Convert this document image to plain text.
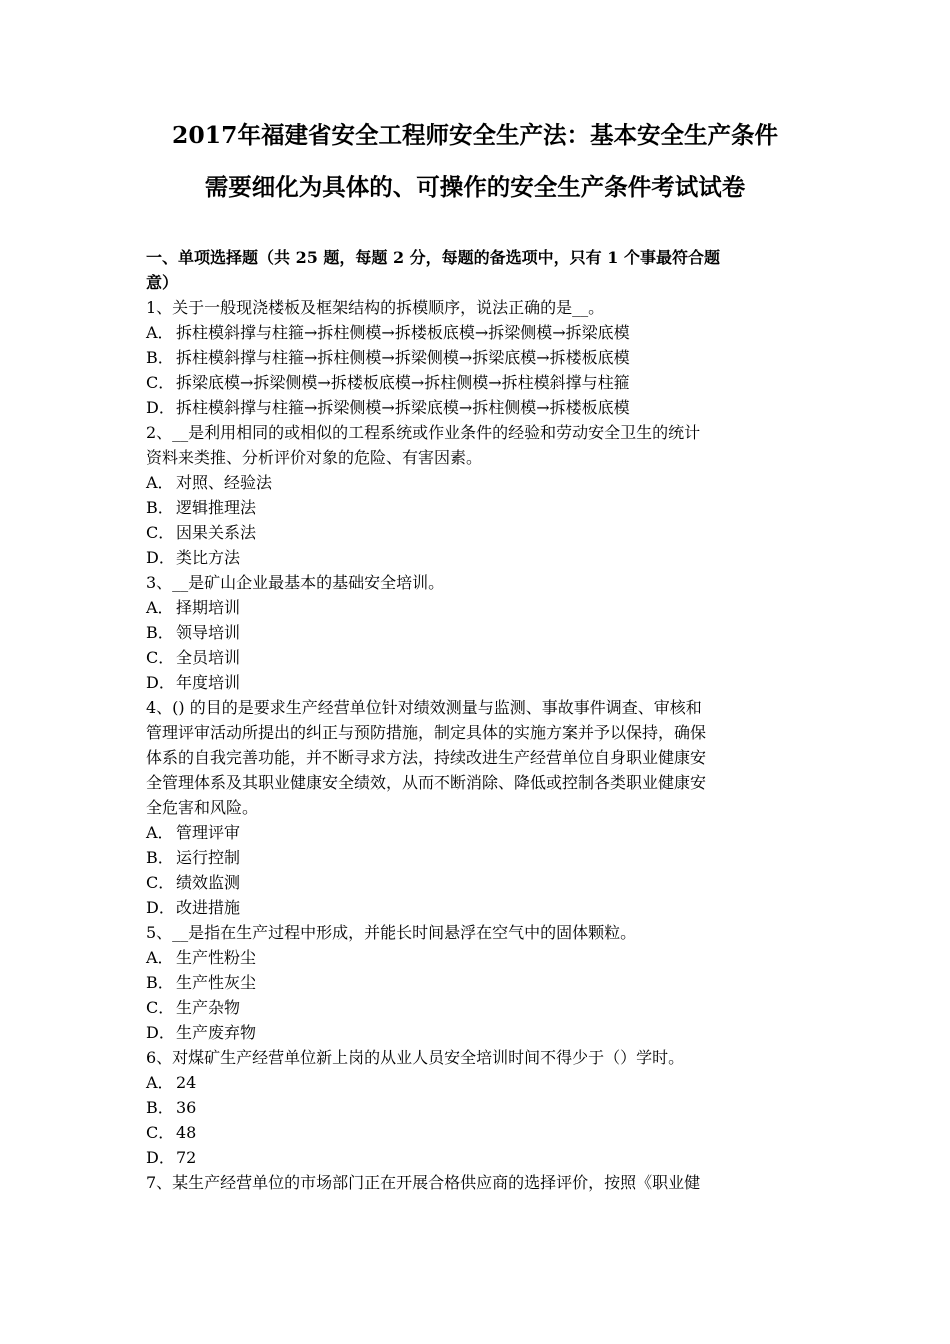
2017年福建省安全工程师安全生产法：基本安全生产条件
需要细化为具体的、可操作的安全生产条件考试试卷
一、单项选择题（共 25 题，每题 2 分，每题的备选项中，只有 1 个事最符合题
意）
1、关于一般现浇楼板及框架结构的拆模顺序，说法正确的是__。
A． 拆柱模斜撑与柱箍→拆柱侧模→拆楼板底模→拆梁侧模→拆梁底模
B． 拆柱模斜撑与柱箍→拆柱侧模→拆梁侧模→拆梁底模→拆楼板底模
C． 拆梁底模→拆梁侧模→拆楼板底模→拆柱侧模→拆柱模斜撑与柱箍
D．拆柱模斜撑与柱箍→拆梁侧模→拆梁底模→拆柱侧模→拆楼板底模
2、__是利用相同的或相似的工程系统或作业条件的经验和劳动安全卫生的统计
资料来类推、分析评价对象的危险、有害因素。
A． 对照、经验法
B． 逻辑推理法
C． 因果关系法
D．类比方法
3、__是矿山企业最基本的基础安全培训。
A． 择期培训
B． 领导培训
C． 全员培训
D．年度培训
4、() 的目的是要求生产经营单位针对绩效测量与监测、事故事件调查、审核和
管理评审活动所提出的纠正与预防措施，制定具体的实施方案并予以保持，确保
体系的自我完善功能，并不断寻求方法，持续改进生产经营单位自身职业健康安
全管理体系及其职业健康安全绩效，从而不断消除、降低或控制各类职业健康安
全危害和风险。
A． 管理评审
B． 运行控制
C． 绩效监测
D．改进措施
5、__是指在生产过程中形成，并能长时间悬浮在空气中的固体颗粒。
A． 生产性粉尘
B． 生产性灰尘
C． 生产杂物
D．生产废弃物
6、对煤矿生产经营单位新上岗的从业人员安全培训时间不得少于（）学时。
A． 24
B． 36
C． 48
D．72
7、某生产经营单位的市场部门正在开展合格供应商的选择评价，按照《职业健
